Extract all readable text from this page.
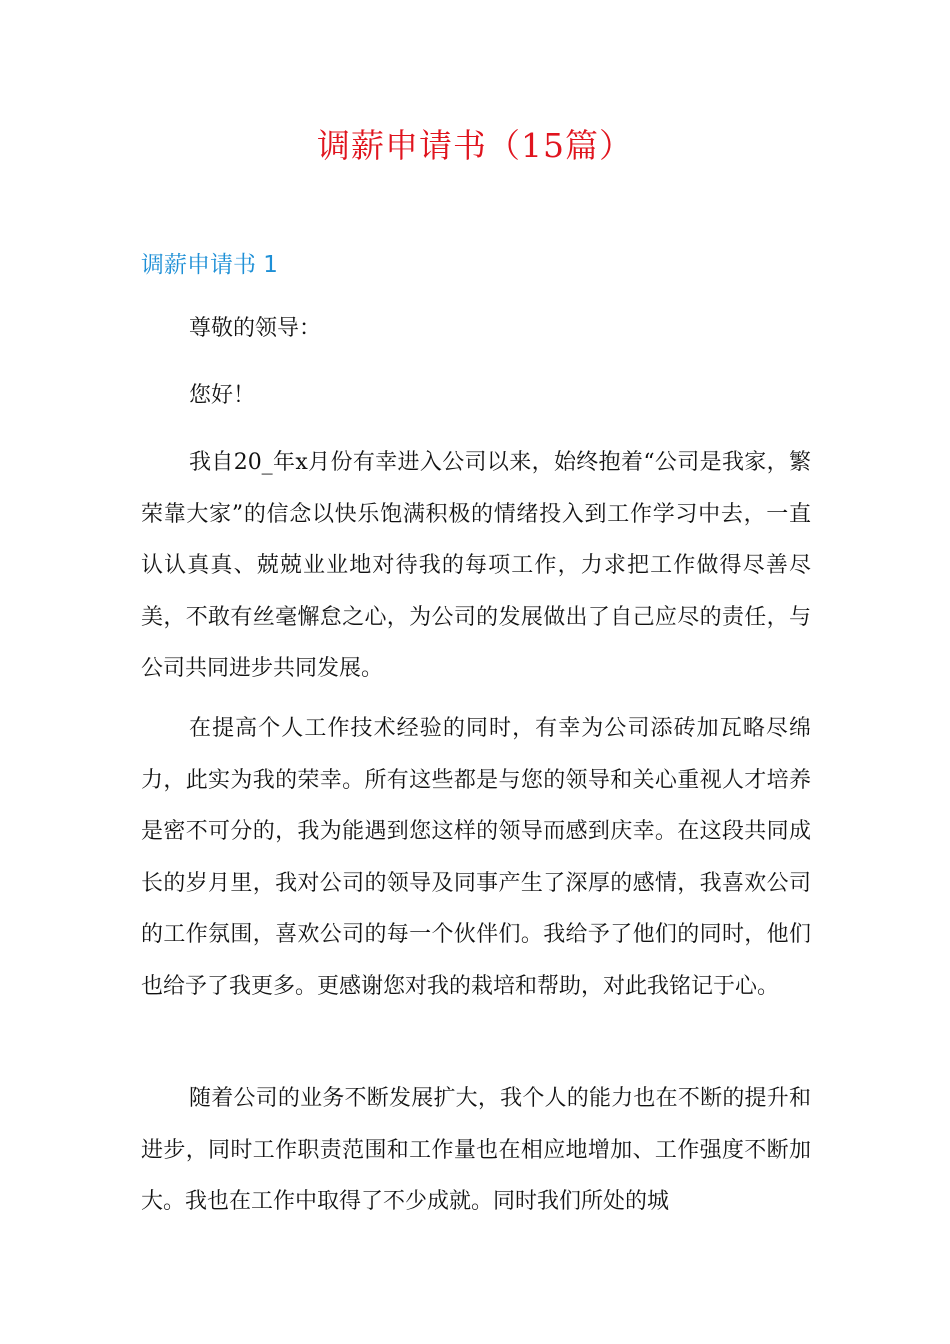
调薪申请书（15篇）
调薪申请书 1

尊敬的领导：

您好！

我自20_年x月份有幸进入公司以来，始终抱着“公司是我家，繁荣靠大家”的信念以快乐饱满积极的情绪投入到工作学习中去，一直认认真真、兢兢业业地对待我的每项工作，力求把工作做得尽善尽美，不敢有丝毫懈怠之心，为公司的发展做出了自己应尽的责任，与公司共同进步共同发展。

在提高个人工作技术经验的同时，有幸为公司添砖加瓦略尽绵力，此实为我的荣幸。所有这些都是与您的领导和关心重视人才培养是密不可分的，我为能遇到您这样的领导而感到庆幸。在这段共同成长的岁月里，我对公司的领导及同事产生了深厚的感情，我喜欢公司的工作氛围，喜欢公司的每一个伙伴们。我给予了他们的同时，他们也给予了我更多。更感谢您对我的栽培和帮助，对此我铭记于心。

随着公司的业务不断发展扩大，我个人的能力也在不断的提升和进步，同时工作职责范围和工作量也在相应地增加、工作强度不断加大。我也在工作中取得了不少成就。同时我们所处的城
